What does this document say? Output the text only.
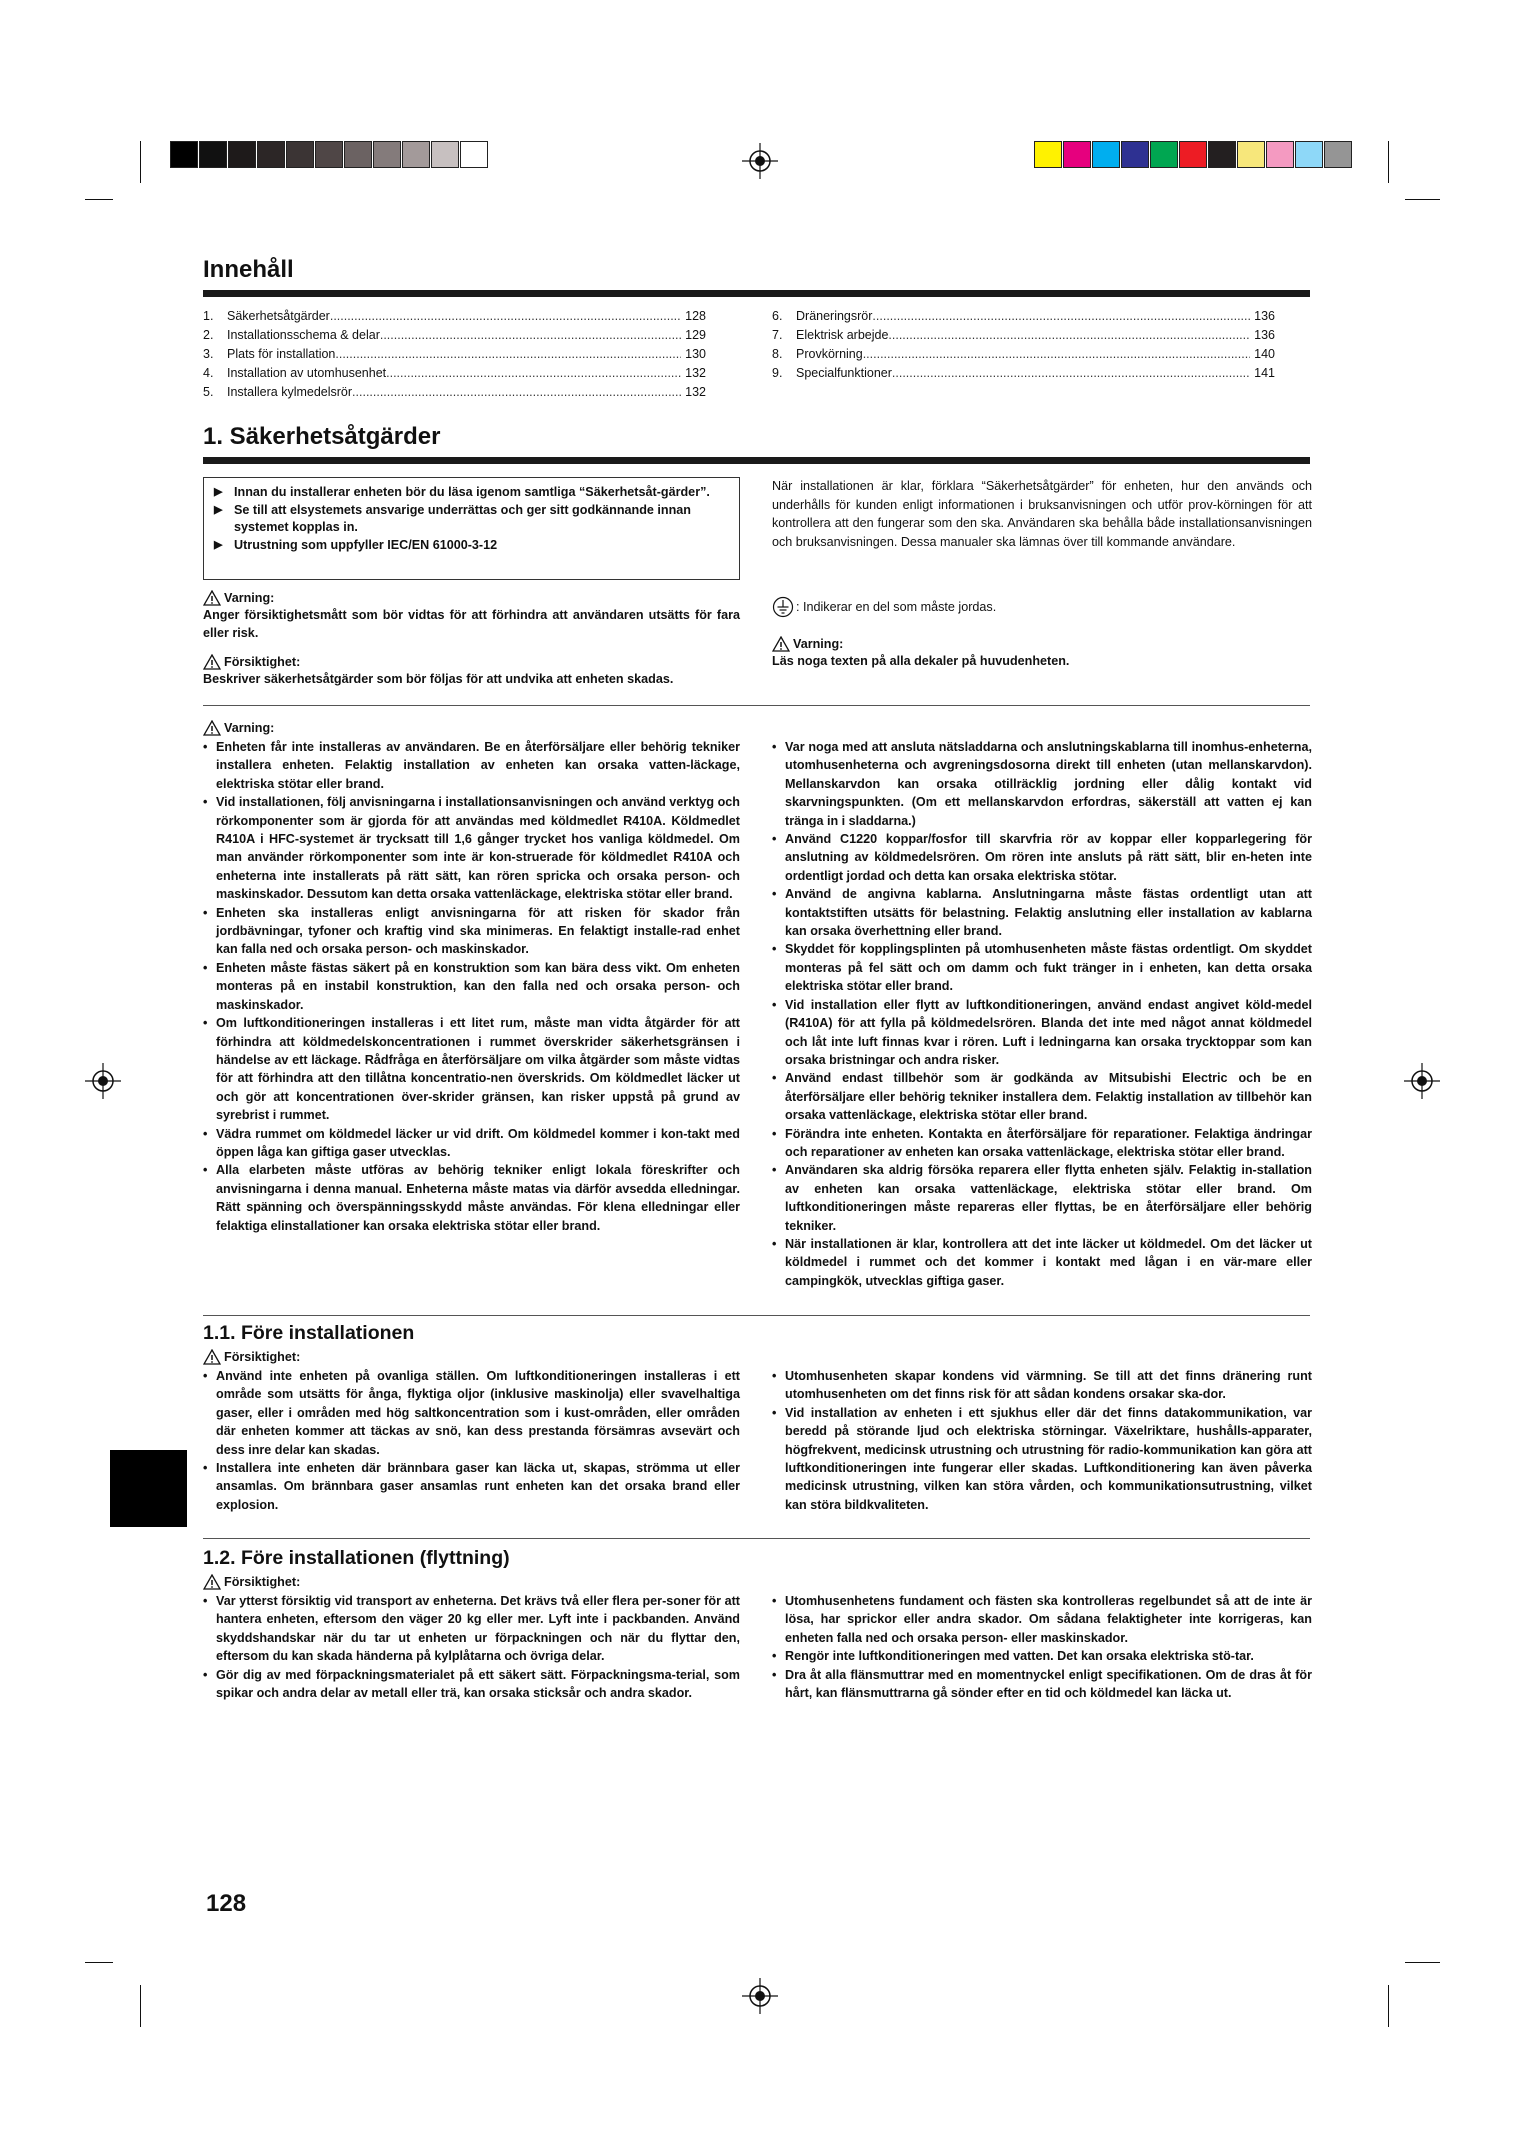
Innehåll
1.	Säkerhetsåtgärder .....	128
2.	Installationsschema & delar .....	129
3.	Plats för installation .....	130
4.	Installation av utomhusenhet .....	132
5.	Installera kylmedelsrör .....	132
6.	Dräneringsrör .....	136
7.	Elektrisk arbejde .....	136
8.	Provkörning .....	140
9.	Specialfunktioner .....	141
1. Säkerhetsåtgärder
▶ Innan du installerar enheten bör du läsa igenom samtliga “Säkerhetsåt-gärder”.
▶ Se till att elsystemets ansvarige underrättas och ger sitt godkännande innan systemet kopplas in.
▶ Utrustning som uppfyller IEC/EN 61000-3-12
Varning:
Anger försiktighetsmått som bör vidtas för att förhindra att användaren utsätts för fara eller risk.
Försiktighet:
Beskriver säkerhetsåtgärder som bör följas för att undvika att enheten skadas.
När installationen är klar, förklara “Säkerhetsåtgärder” för enheten, hur den används och underhålls för kunden enligt informationen i bruksanvisningen och utför prov-körningen för att kontrollera att den fungerar som den ska. Användaren ska behålla både installationsanvisningen och bruksanvisningen. Dessa manualer ska lämnas över till kommande användare.
: Indikerar en del som måste jordas.
Varning:
Läs noga texten på alla dekaler på huvudenheten.
Varning:
• Enheten får inte installeras av användaren. Be en återförsäljare eller behörig tekniker installera enheten. Felaktig installation av enheten kan orsaka vatten-läckage, elektriska stötar eller brand.
• Vid installationen, följ anvisningarna i installationsanvisningen och använd verktyg och rörkomponenter som är gjorda för att användas med köldmedlet R410A. Köldmedlet R410A i HFC-systemet är trycksatt till 1,6 gånger trycket hos vanliga köldmedel. Om man använder rörkomponenter som inte är kon-struerade för köldmedlet R410A och enheterna inte installerats på rätt sätt, kan rören spricka och orsaka person- och maskinskador. Dessutom kan detta orsaka vattenläckage, elektriska stötar eller brand.
• Enheten ska installeras enligt anvisningarna för att risken för skador från jordbävningar, tyfoner och kraftig vind ska minimeras. En felaktigt installe-rad enhet kan falla ned och orsaka person- och maskinskador.
• Enheten måste fästas säkert på en konstruktion som kan bära dess vikt. Om enheten monteras på en instabil konstruktion, kan den falla ned och orsaka person- och maskinskador.
• Om luftkonditioneringen installeras i ett litet rum, måste man vidta åtgärder för att förhindra att köldmedelskoncentrationen i rummet överskrider säkerhetsgränsen i händelse av ett läckage. Rådfråga en återförsäljare om vilka åtgärder som måste vidtas för att förhindra att den tillåtna koncentratio-nen överskrids. Om köldmedlet läcker ut och gör att koncentrationen över-skrider gränsen, kan risker uppstå på grund av syrebrist i rummet.
• Vädra rummet om köldmedel läcker ur vid drift. Om köldmedel kommer i kon-takt med öppen låga kan giftiga gaser utvecklas.
• Alla elarbeten måste utföras av behörig tekniker enligt lokala föreskrifter och anvisningarna i denna manual. Enheterna måste matas via därför avsedda elledningar. Rätt spänning och överspänningsskydd måste användas. För klena elledningar eller felaktiga elinstallationer kan orsaka elektriska stötar eller brand.
• Var noga med att ansluta nätsladdarna och anslutningskablarna till inomhus-enheterna, utomhusenheterna och avgreningsdosorna direkt till enheten (utan mellanskarvdon). Mellanskarvdon kan orsaka otillräcklig jordning eller dålig kontakt vid skarvningspunkten. (Om ett mellanskarvdon erfordras, säkerställ att vatten ej kan tränga in i sladdarna.)
• Använd C1220 koppar/fosfor till skarvfria rör av koppar eller kopparlegering för anslutning av köldmedelsrören. Om rören inte ansluts på rätt sätt, blir en-heten inte ordentligt jordad och detta kan orsaka elektriska stötar.
• Använd de angivna kablarna. Anslutningarna måste fästas ordentligt utan att kontaktstiften utsätts för belastning. Felaktig anslutning eller installation av kablarna kan orsaka överhettning eller brand.
• Skyddet för kopplingsplinten på utomhusenheten måste fästas ordentligt. Om skyddet monteras på fel sätt och om damm och fukt tränger in i enheten, kan detta orsaka elektriska stötar eller brand.
• Vid installation eller flytt av luftkonditioneringen, använd endast angivet köld-medel (R410A) för att fylla på köldmedelsrören. Blanda det inte med något annat köldmedel och låt inte luft finnas kvar i rören. Luft i ledningarna kan orsaka trycktoppar som kan orsaka bristningar och andra risker.
• Använd endast tillbehör som är godkända av Mitsubishi Electric och be en återförsäljare eller behörig tekniker installera dem. Felaktig installation av tillbehör kan orsaka vattenläckage, elektriska stötar eller brand.
• Förändra inte enheten. Kontakta en återförsäljare för reparationer. Felaktiga ändringar och reparationer av enheten kan orsaka vattenläckage, elektriska stötar eller brand.
• Användaren ska aldrig försöka reparera eller flytta enheten själv. Felaktig in-stallation av enheten kan orsaka vattenläckage, elektriska stötar eller brand. Om luftkonditioneringen måste repareras eller flyttas, be en återförsäljare eller behörig tekniker.
• När installationen är klar, kontrollera att det inte läcker ut köldmedel. Om det läcker ut köldmedel i rummet och det kommer i kontakt med lågan i en vär-mare eller campingkök, utvecklas giftiga gaser.
1.1. Före installationen
Försiktighet:
• Använd inte enheten på ovanliga ställen. Om luftkonditioneringen installeras i ett område som utsätts för ånga, flyktiga oljor (inklusive maskinolja) eller svavelhaltiga gaser, eller i områden med hög saltkoncentration som i kust-områden, eller områden där enheten kommer att täckas av snö, kan dess prestanda försämras avsevärt och dess inre delar kan skadas.
• Installera inte enheten där brännbara gaser kan läcka ut, skapas, strömma ut eller ansamlas. Om brännbara gaser ansamlas runt enheten kan det orsaka brand eller explosion.
• Utomhusenheten skapar kondens vid värmning. Se till att det finns dränering runt utomhusenheten om det finns risk för att sådan kondens orsakar ska-dor.
• Vid installation av enheten i ett sjukhus eller där det finns datakommunikation, var beredd på störande ljud och elektriska störningar. Växelriktare, hushålls-apparater, högfrekvent, medicinsk utrustning och utrustning för radio-kommunikation kan göra att luftkonditioneringen inte fungerar eller skadas. Luftkonditionering kan även påverka medicinsk utrustning, vilken kan störa vården, och kommunikationsutrustning, vilket kan störa bildkvaliteten.
1.2. Före installationen (flyttning)
Försiktighet:
• Var ytterst försiktig vid transport av enheterna. Det krävs två eller flera per-soner för att hantera enheten, eftersom den väger 20 kg eller mer. Lyft inte i packbanden. Använd skyddshandskar när du tar ut enheten ur förpackningen och när du flyttar den, eftersom du kan skada händerna på kylplåtarna och övriga delar.
• Gör dig av med förpackningsmaterialet på ett säkert sätt. Förpackningsma-terial, som spikar och andra delar av metall eller trä, kan orsaka sticksår och andra skador.
• Utomhusenhetens fundament och fästen ska kontrolleras regelbundet så att de inte är lösa, har sprickor eller andra skador. Om sådana felaktigheter inte korrigeras, kan enheten falla ned och orsaka person- eller maskinskador.
• Rengör inte luftkonditioneringen med vatten. Det kan orsaka elektriska stö-tar.
• Dra åt alla flänsmuttrar med en momentnyckel enligt specifikationen. Om de dras åt för hårt, kan flänsmuttrarna gå sönder efter en tid och köldmedel kan läcka ut.
128
